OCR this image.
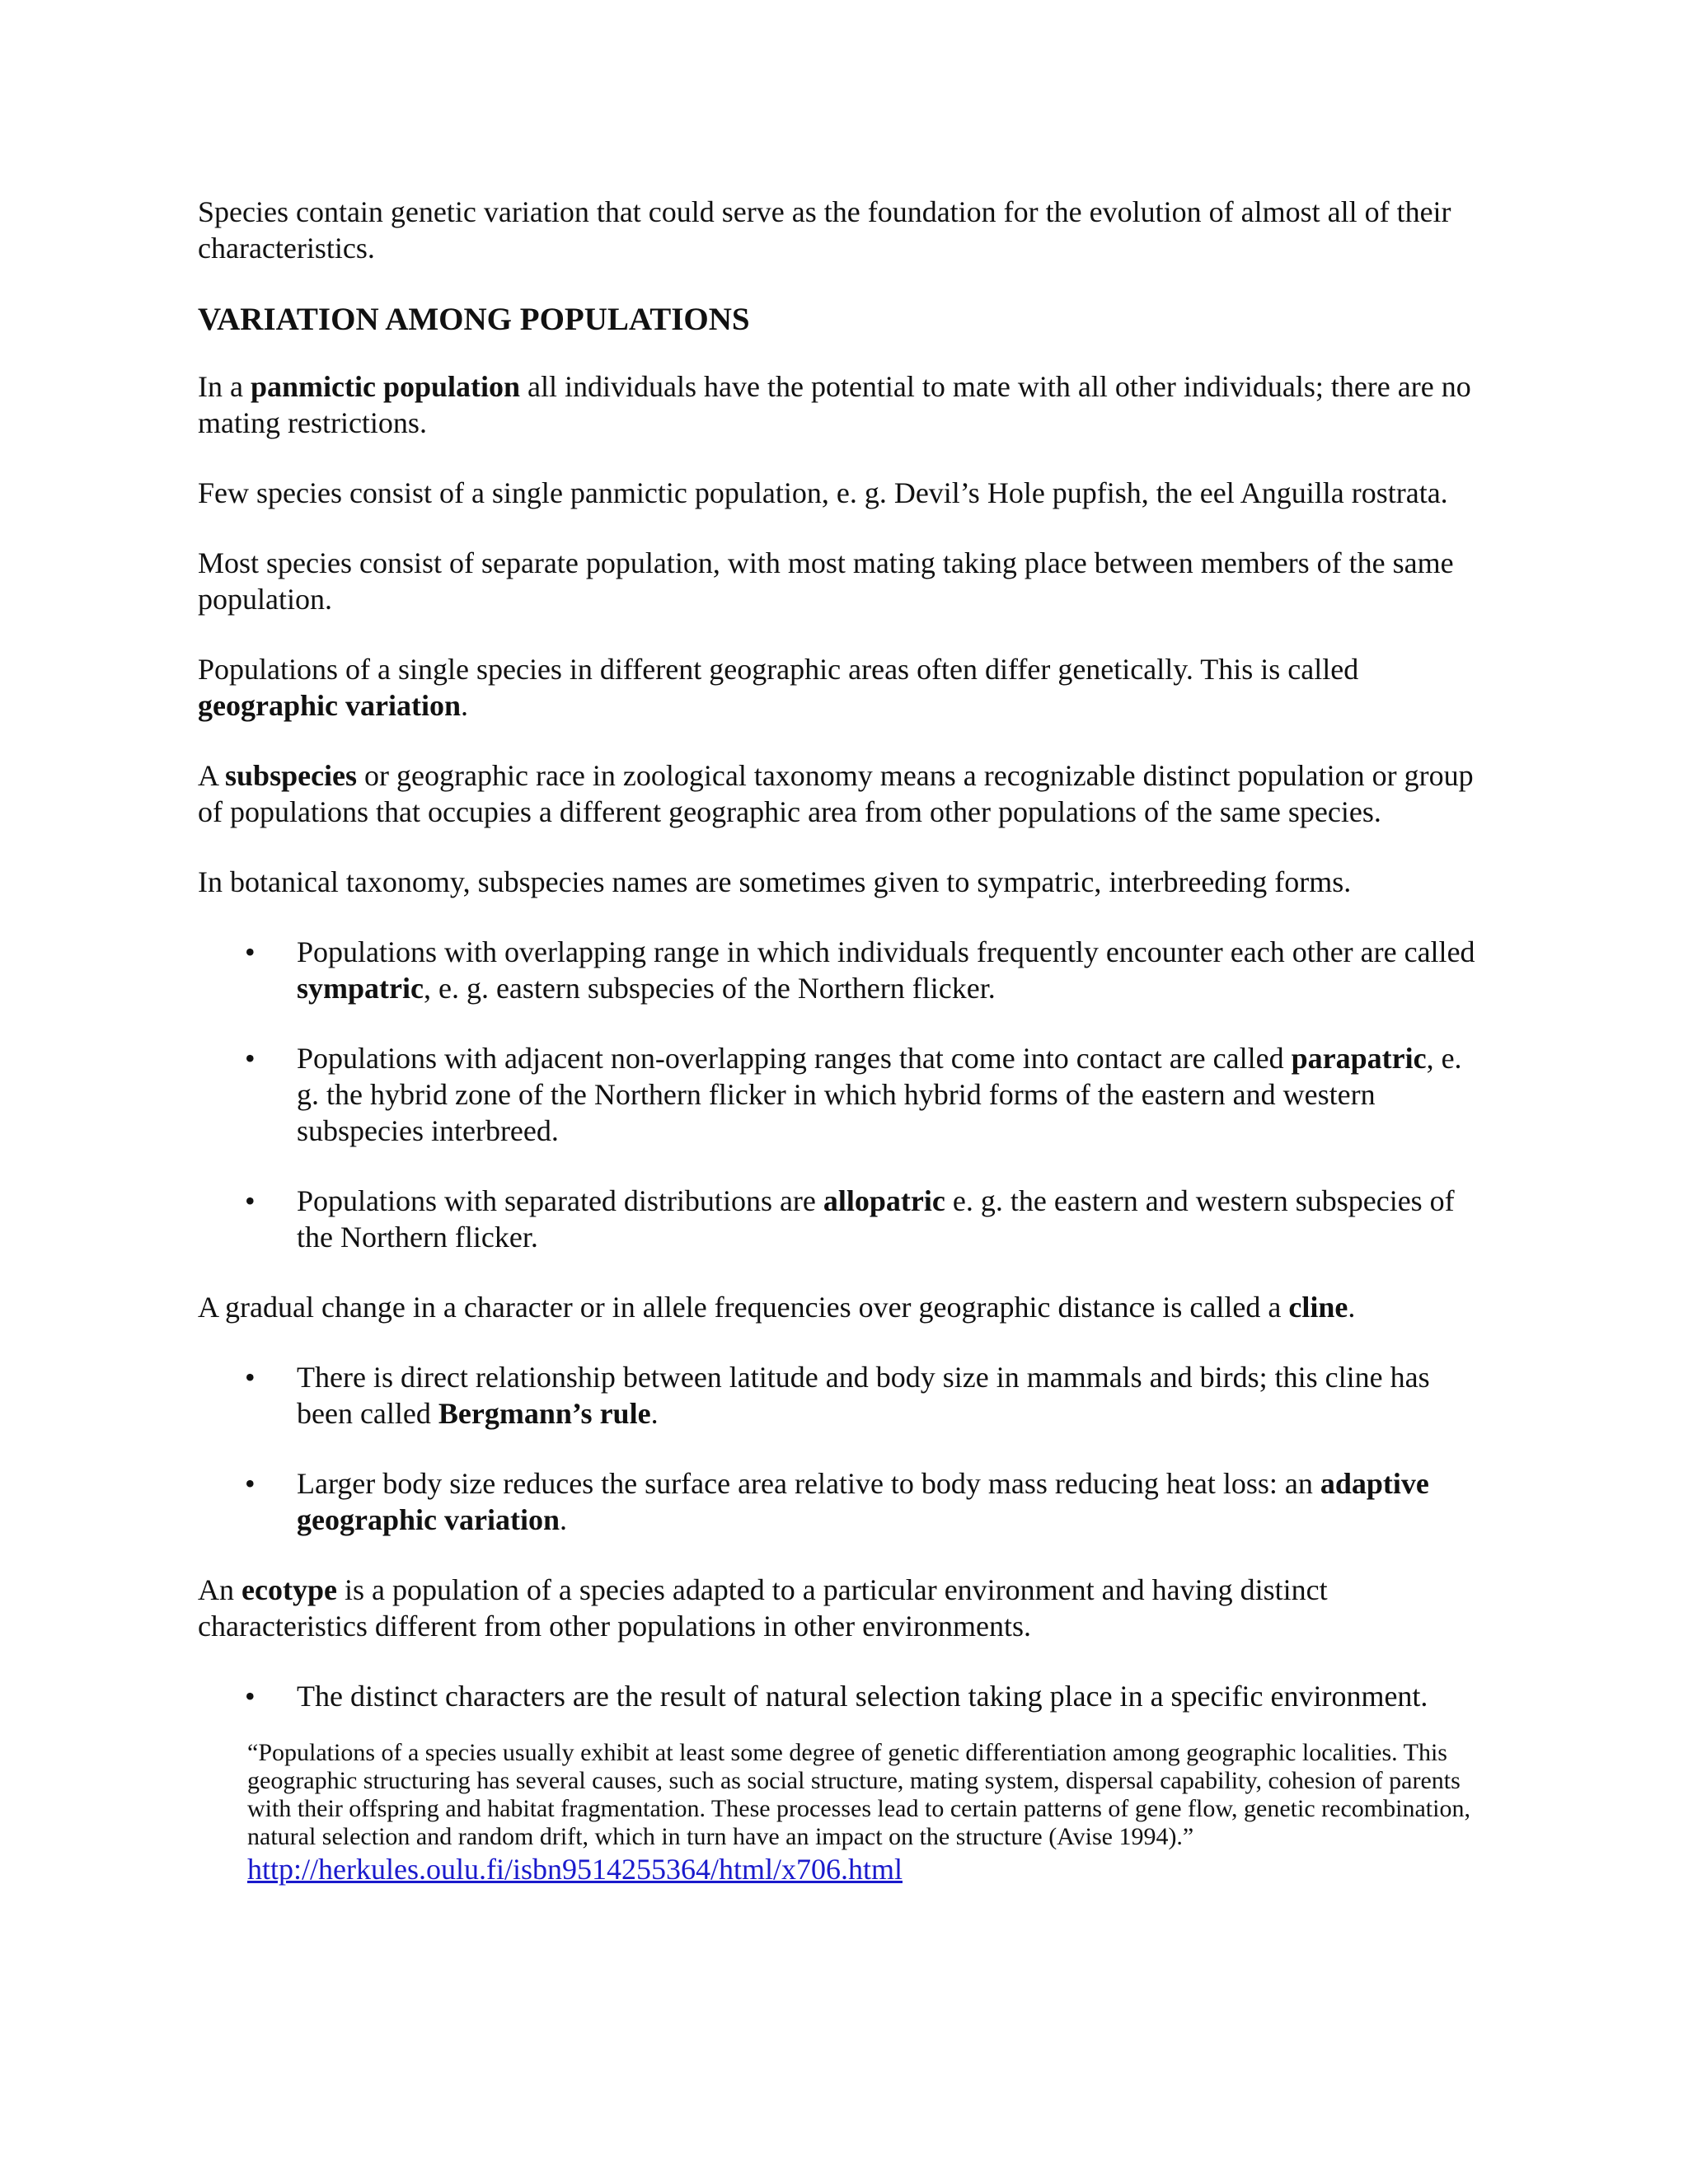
Species contain genetic variation that could serve as the foundation for the evolution of almost all of their characteristics.

VARIATION AMONG POPULATIONS

In a panmictic population all individuals have the potential to mate with all other individuals; there are no mating restrictions.

Few species consist of a single panmictic population, e. g. Devil’s Hole pupfish, the eel Anguilla rostrata.

Most species consist of separate population, with most mating taking place between members of the same population.

Populations of a single species in different geographic areas often differ genetically. This is called geographic variation.

A subspecies or geographic race in zoological taxonomy means a recognizable distinct population or group of populations that occupies a different geographic area from other populations of the same species.

In botanical taxonomy, subspecies names are sometimes given to sympatric, interbreeding forms.

• Populations with overlapping range in which individuals frequently encounter each other are called sympatric, e. g. eastern subspecies of the Northern flicker.
• Populations with adjacent non-overlapping ranges that come into contact are called parapatric, e. g. the hybrid zone of the Northern flicker in which hybrid forms of the eastern and western subspecies interbreed.
• Populations with separated distributions are allopatric e. g. the eastern and western subspecies of the Northern flicker.

A gradual change in a character or in allele frequencies over geographic distance is called a cline.

• There is direct relationship between latitude and body size in mammals and birds; this cline has been called Bergmann’s rule.
• Larger body size reduces the surface area relative to body mass reducing heat loss: an adaptive geographic variation.

An ecotype is a population of a species adapted to a particular environment and having distinct characteristics different from other populations in other environments.

• The distinct characters are the result of natural selection taking place in a specific environment.
“Populations of a species usually exhibit at least some degree of genetic differentiation among geographic localities. This geographic structuring has several causes, such as social structure, mating system, dispersal capability, cohesion of parents with their offspring and habitat fragmentation. These processes lead to certain patterns of gene flow, genetic recombination, natural selection and random drift, which in turn have an impact on the structure (Avise 1994).”
http://herkules.oulu.fi/isbn9514255364/html/x706.html
